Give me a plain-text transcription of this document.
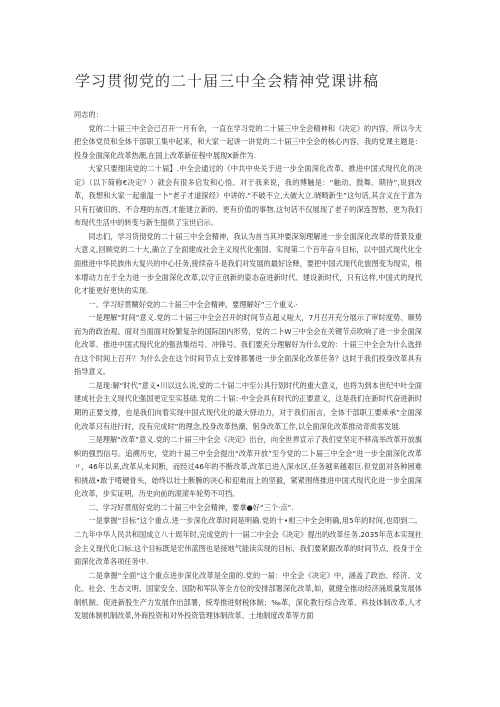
学习贯彻党的二十届三中全会精神党课讲稿

同志的：

党的二十届三中全会已召开一月有余，一直在学习党的二十届三中全会精神和《决定》的内容，所以今天把全体党员和全体干部职工集中起来，和大家一起讲一讲党的二十届三中全会的核心内容，我的党课主题是：投身全面深化改革热潮,在国上改革新征程中展现X新作为.

大家只要细读党的二十届】.中全会通过的《中共中央关于进一步全面深化改革、推进中国式现代化的决定》（以下简称€决定？）就会有很多启发和心悟。对于我来说，我的博触是：“触动、鼓舞、期待”,说到改革，我想和大家一起重温一卜“老子才道探经》中讲的.“不破不立,大破大立.晓畸新生”这句话,其含义在于意为只有打破旧的、不合理的东西,才能建立新的、更有价值的事物.这句话不仅展现了老子的深连智愁，更为我们布现代生活中的转变与新生提供了宝世启示。

同志们，学习货彻党的二十届三中全会精神，我认为首当其冲要深刻理解进一步全面深化改革的背景及重大意义,回顾党的二十大,确立了全面建成社会主义现代化强国、实现第二个百年奋斗目标，以中国式现代化全面推进中华民族伟大复兴的中心任务,接续奋斗是我们对发展的最好诠释，要把中国式现代化旅图变为现实，根本增动力在于全力进一步全面深化改革,以守正创新的姿态奋进新时代、建设新时代，只有这样,中国式的现代化才能更好更快的实现.

一、学习好贯糊好党的二十届三中全会精神，要理解好“三个重义.·

一是理解“时间”意义.党的二十届三中全会召开的时间节点超乂啦大，7月召开充分展示了审时度势、顺势而为的政治观。面对当面面对纷繁复杂的国际国内形势，党的二卜W三中全会在关键节点吹响了进一步全面深化改革、推进中国式现代化的强劲集结号、冲锋号。我们要充分理解好为什么党的：十届三中全会为什么选择在这个时间上召开？为什么会在这个时间节点上安排都署进一步全面深化改革任务？这时于我们投身改革具有指导意义。

二是现:解“时代”意义•川以这么说,党的二十届二中至公具行划时代的重大意义，也将为到本世纪中叶全面建成社会主义现代化强国更定至实基础.党的二十届：·中全会具有时代的正要意义，这是我们在新时代奋进新时期的正要支撑，也是我们向着实现中国式现代化的最大驿动力，对于我们而言，全体干部职工要乘承“全面深化改革只有进行时，没有完成时”的理念,投身改革热潮、躬身改革工作,以全面深化改革推动奇质客发展.

三是理解“改革”意义.党的二十届三中全会《决定》出台，向全世界宣示了我们党坚定不移高举改革开放旗帜的强烈信号。追溯历史，党的十届三中全会提出“改革开放”至今党的二卜届三中全会“进一步全面深化改革〃，46年以来,改革从未间断，而经过46年的不断改革,改革已进入深水区,任务越来越艰巨.但党面对各种困难和挑战•敢于啃硬骨头，始终以壮士断腕的决心和迎难而上的坚毅，紧紧围绕推进中国式现代化进一步全面深化改革，步实证明，历史向前的滚滚车轮势不可挡。

二、学习好贯彻好党的二十届三中全会精神，要拿●好“三个·点”.

一是掌握“目标”这个重点.进一步深化改革时间是明确.党的十•相三中全会明确,用5年的时间,也即到二。二九年中华人民共和国成立八十周年时,完成党的十一届二中全会《决定》提出的改革任务.2035年范本实现社会主义现代化口标.这个目标既是宏伟蓝图也是接地气能读实现的目标，我们要紧跟改革的时间节点，投身于全面深化改革各项任务中.

二是拿握“全面”这个重点进步深化改革是全面的.党的一届：中全会《决定》中，涵盖了政治、经济、文化、社会、生态文明、国家安全、国防和军队等全方位的安排部署深化改革,如，就健全推动经济涌质量发展体制机制、促进新股生产力发展作出部署，统寿推进财税体制；‰革，深化教行综合改革、科技体制改革,人才发展体制机制改革,外商投资和对外投资管理体制改革、土地制度改革等方面
